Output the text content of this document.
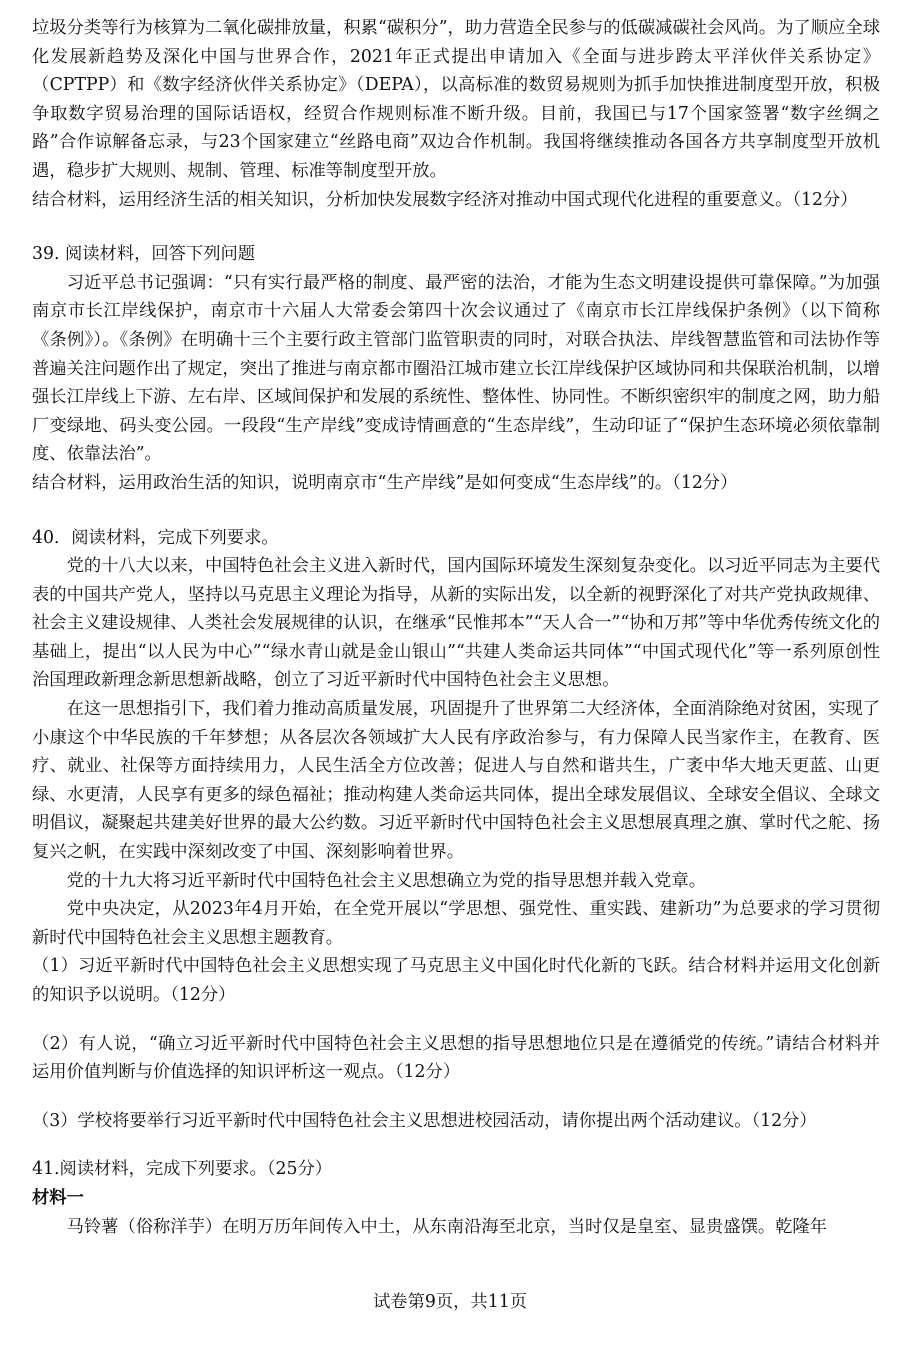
垃圾分类等行为核算为二氧化碳排放量，积累“碳积分”，助力营造全民参与的低碳减碳社会风尚。为了顺应全球化发展新趋势及深化中国与世界合作，2021年正式提出申请加入《全面与进步跨太平洋伙伴关系协定》（CPTPP）和《数字经济伙伴关系协定》（DEPA），以高标准的数贸易规则为抓手加快推进制度型开放，积极争取数字贸易治理的国际话语权，经贸合作规则标准不断升级。目前，我国已与17个国家签署“数字丝绸之路”合作谅解备忘录，与23个国家建立“丝路电商”双边合作机制。我国将继续推动各国各方共享制度型开放机遇，稳步扩大规则、规制、管理、标准等制度型开放。

结合材料，运用经济生活的相关知识，分析加快发展数字经济对推动中国式现代化进程的重要意义。（12分）

39. 阅读材料，回答下列问题

习近平总书记强调：“只有实行最严格的制度、最严密的法治，才能为生态文明建设提供可靠保障。”为加强南京市长江岸线保护，南京市十六届人大常委会第四十次会议通过了《南京市长江岸线保护条例》（以下简称《条例》）。《条例》在明确十三个主要行政主管部门监管职责的同时，对联合执法、岸线智慧监管和司法协作等普遍关注问题作出了规定，突出了推进与南京都市圈沿江城市建立长江岸线保护区域协同和共保联治机制，以增强长江岸线上下游、左右岸、区域间保护和发展的系统性、整体性、协同性。不断织密织牢的制度之网，助力船厂变绿地、码头变公园。一段段“生产岸线”变成诗情画意的“生态岸线”，生动印证了“保护生态环境必须依靠制度、依靠法治”。

结合材料，运用政治生活的知识，说明南京市“生产岸线”是如何变成“生态岸线”的。（12分）

40．阅读材料，完成下列要求。

党的十八大以来，中国特色社会主义进入新时代，国内国际环境发生深刻复杂变化。以习近平同志为主要代表的中国共产党人，坚持以马克思主义理论为指导，从新的实际出发，以全新的视野深化了对共产党执政规律、社会主义建设规律、人类社会发展规律的认识，在继承“民惟邦本”“天人合一”“协和万邦”等中华优秀传统文化的基础上，提出“以人民为中心”“绿水青山就是金山银山”“共建人类命运共同体”“中国式现代化”等一系列原创性治国理政新理念新思想新战略，创立了习近平新时代中国特色社会主义思想。

在这一思想指引下，我们着力推动高质量发展，巩固提升了世界第二大经济体，全面消除绝对贫困，实现了小康这个中华民族的千年梦想；从各层次各领域扩大人民有序政治参与，有力保障人民当家作主，在教育、医疗、就业、社保等方面持续用力，人民生活全方位改善；促进人与自然和谐共生，广袤中华大地天更蓝、山更绿、水更清，人民享有更多的绿色福祉；推动构建人类命运共同体，提出全球发展倡议、全球安全倡议、全球文明倡议，凝聚起共建美好世界的最大公约数。习近平新时代中国特色社会主义思想展真理之旗、掌时代之舵、扬复兴之帆，在实践中深刻改变了中国、深刻影响着世界。

党的十九大将习近平新时代中国特色社会主义思想确立为党的指导思想并载入党章。

党中央决定，从2023年4月开始，在全党开展以“学思想、强党性、重实践、建新功”为总要求的学习贯彻新时代中国特色社会主义思想主题教育。

（1）习近平新时代中国特色社会主义思想实现了马克思主义中国化时代化新的飞跃。结合材料并运用文化创新的知识予以说明。（12分）

（2）有人说，“确立习近平新时代中国特色社会主义思想的指导思想地位只是在遵循党的传统。”请结合材料并运用价值判断与价值选择的知识评析这一观点。（12分）

（3）学校将要举行习近平新时代中国特色社会主义思想进校园活动，请你提出两个活动建议。（12分）

41.阅读材料，完成下列要求。（25分）

材料一

马铃薯（俗称洋芋）在明万历年间传入中土，从东南沿海至北京，当时仅是皇室、显贵盛馔。乾隆年

试卷第9页，共11页
